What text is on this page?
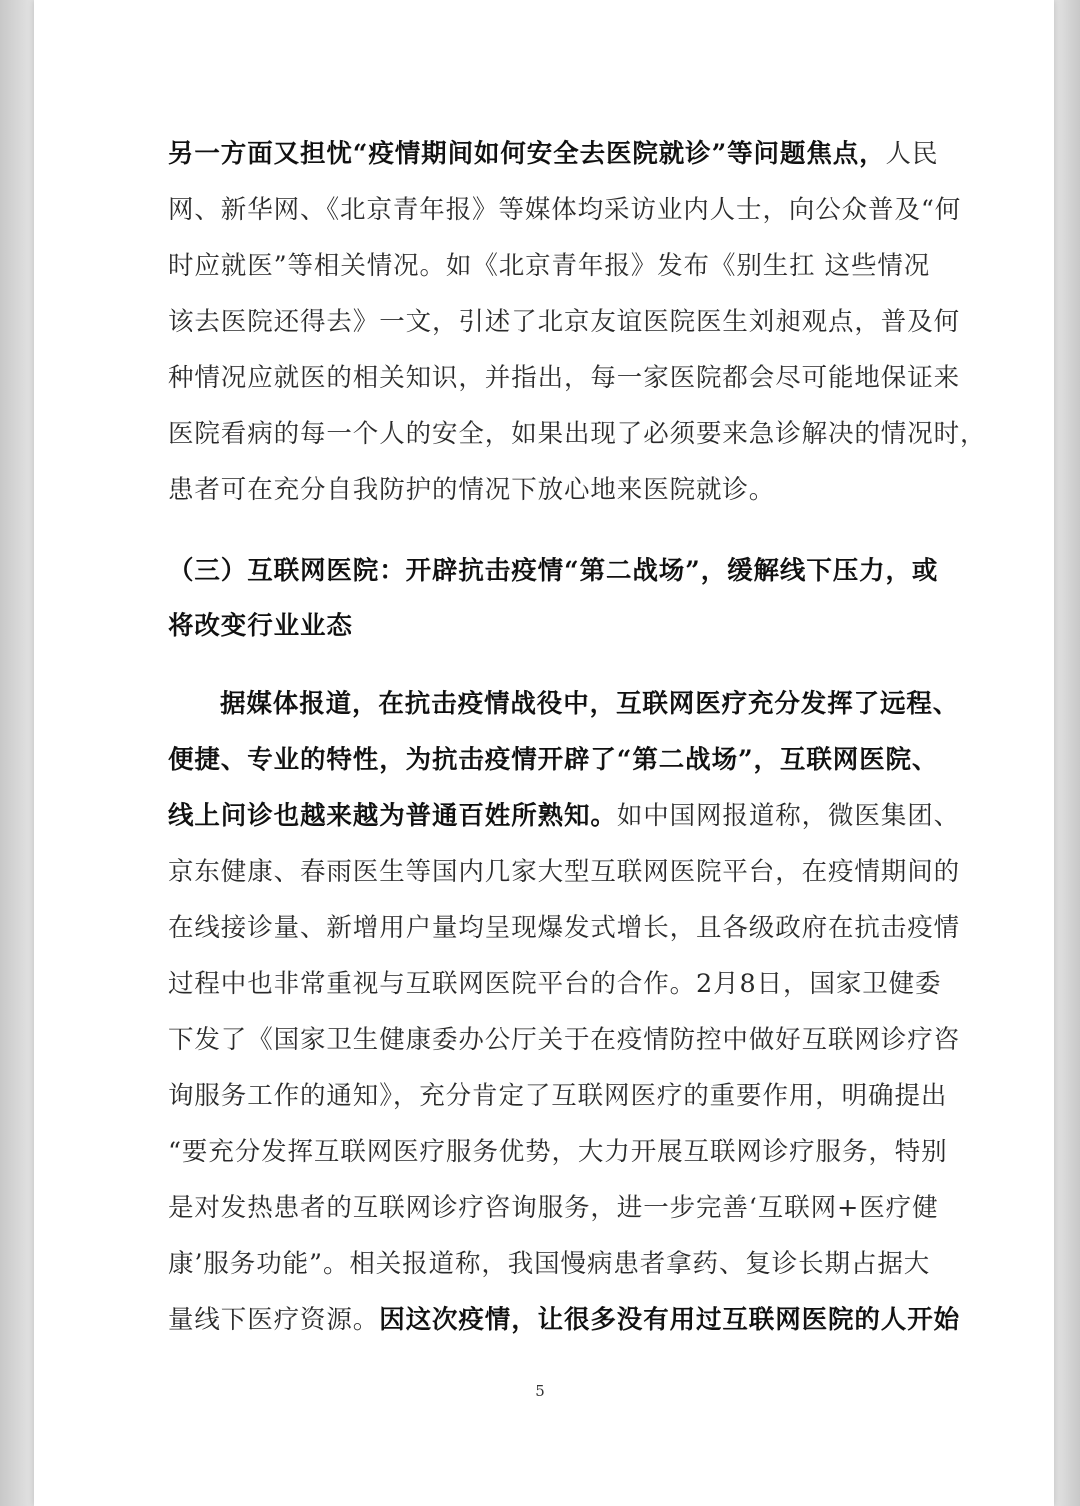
另一方面又担忧“疫情期间如何安全去医院就诊”等问题焦点，人民
网、新华网、《北京青年报》等媒体均采访业内人士，向公众普及“何
时应就医”等相关情况。如《北京青年报》发布《别生扛 这些情况
该去医院还得去》一文，引述了北京友谊医院医生刘昶观点，普及何
种情况应就医的相关知识，并指出，每一家医院都会尽可能地保证来
医院看病的每一个人的安全，如果出现了必须要来急诊解决的情况时，
患者可在充分自我防护的情况下放心地来医院就诊。
（三）互联网医院：开辟抗击疫情“第二战场”，缓解线下压力，或
将改变行业业态
据媒体报道，在抗击疫情战役中，互联网医疗充分发挥了远程、
便捷、专业的特性，为抗击疫情开辟了“第二战场”，互联网医院、
线上问诊也越来越为普通百姓所熟知。如中国网报道称，微医集团、
京东健康、春雨医生等国内几家大型互联网医院平台，在疫情期间的
在线接诊量、新增用户量均呈现爆发式增长，且各级政府在抗击疫情
过程中也非常重视与互联网医院平台的合作。2月8日，国家卫健委
下发了《国家卫生健康委办公厅关于在疫情防控中做好互联网诊疗咨
询服务工作的通知》，充分肯定了互联网医疗的重要作用，明确提出
“要充分发挥互联网医疗服务优势，大力开展互联网诊疗服务，特别
是对发热患者的互联网诊疗咨询服务，进一步完善‘互联网+医疗健
康’服务功能”。相关报道称，我国慢病患者拿药、复诊长期占据大
量线下医疗资源。因这次疫情，让很多没有用过互联网医院的人开始
5
